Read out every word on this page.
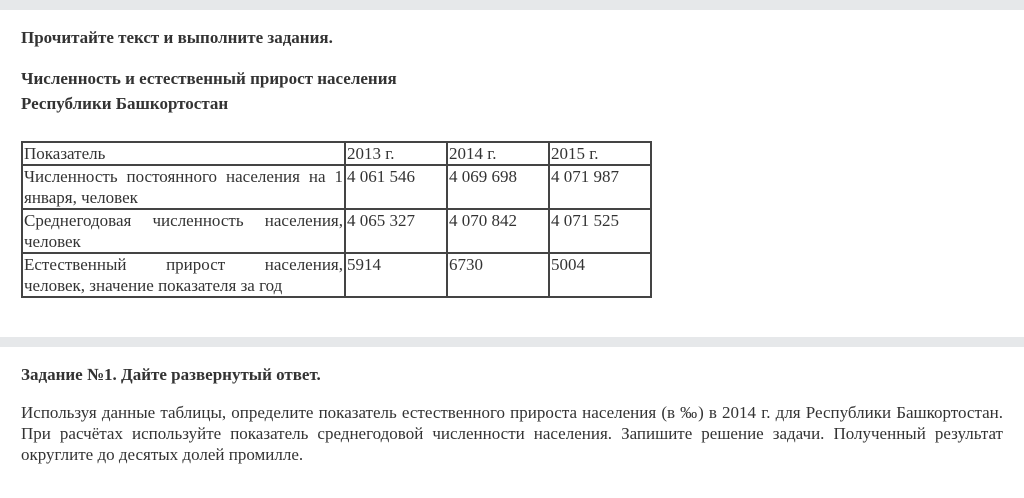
Прочитайте текст и выполните задания.
Численность и естественный прирост населения
Республики Башкортостан
Показатель	2013 г.	2014 г.	2015 г.

Численность постоянного населения на 1
января, человек	4 061 546	4 069 698	4 071 987

Среднегодовая численность населения,
человек	4 065 327	4 070 842	4 071 525

Естественный прирост населения,
человек, значение показателя за год	5914	6730	5004
Задание №1. Дайте развернутый ответ.
Используя данные таблицы, определите показатель естественного прироста населения (в ‰) в 2014 г. для Республики Башкортостан. При расчётах используйте показатель среднегодовой численности населения. Запишите решение задачи. Полученный результат округлите до десятых долей промилле.
